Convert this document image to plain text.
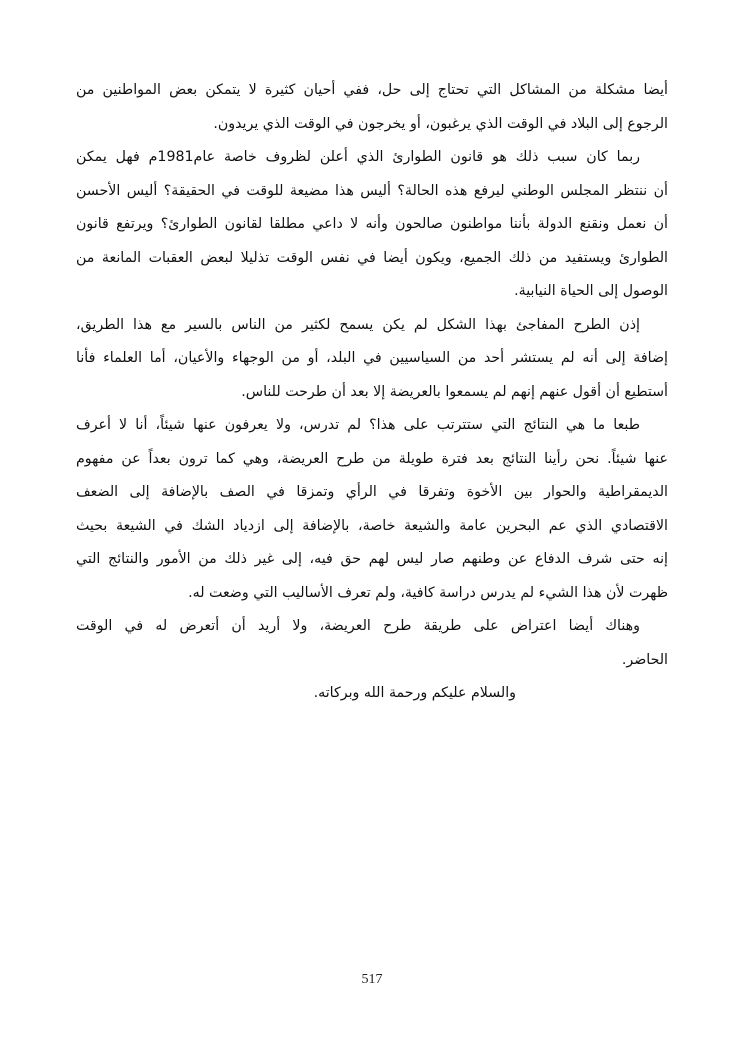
أيضا مشكلة من المشاكل التي تحتاج إلى حل، ففي أحيان كثيرة لا يتمكن بعض المواطنين من
الرجوع إلى البلاد في الوقت الذي يرغبون، أو يخرجون في الوقت الذي يريدون.
ربما كان سبب ذلك هو قانون الطوارئ الذي أعلن لظروف خاصة عام1981م فهل يمكن
أن ننتظر المجلس الوطني ليرفع هذه الحالة؟ أليس هذا مضيعة للوقت في الحقيقة؟ أليس الأحسن
أن نعمل ونقنع الدولة بأننا مواطنون صالحون وأنه لا داعي مطلقا لقانون الطوارئ؟ ويرتفع قانون
الطوارئ ويستفيد من ذلك الجميع، ويكون أيضا في نفس الوقت تذليلا لبعض العقبات المانعة من
الوصول إلى الحياة النيابية.
إذن الطرح المفاجئ بهذا الشكل لم يكن يسمح لكثير من الناس بالسير مع هذا الطريق،
إضافة إلى أنه لم يستشر أحد من السياسيين في البلد، أو من الوجهاء والأعيان، أما العلماء فأنا
أستطيع أن أقول عنهم إنهم لم يسمعوا بالعريضة إلا بعد أن طرحت للناس.
طبعا ما هي النتائج التي ستترتب على هذا؟ لم تدرس، ولا يعرفون عنها شيئاً، أنا لا أعرف
عنها شيئاً. نحن رأينا النتائج بعد فترة طويلة من طرح العريضة، وهي كما ترون بعداً عن مفهوم
الديمقراطية والحوار بين الأخوة وتفرقا في الرأي وتمزقا في الصف بالإضافة إلى الضعف
الاقتصادي الذي عم البحرين عامة والشيعة خاصة، بالإضافة إلى ازدياد الشك في الشيعة بحيث
إنه حتى شرف الدفاع عن وطنهم صار ليس لهم حق فيه، إلى غير ذلك من الأمور والنتائج التي
ظهرت لأن هذا الشيء لم يدرس دراسة كافية، ولم تعرف الأساليب التي وضعت له.
وهناك أيضا اعتراض على طريقة طرح العريضة، ولا أريد أن أتعرض له في الوقت
الحاضر.
والسلام عليكم ورحمة الله وبركاته.
517
